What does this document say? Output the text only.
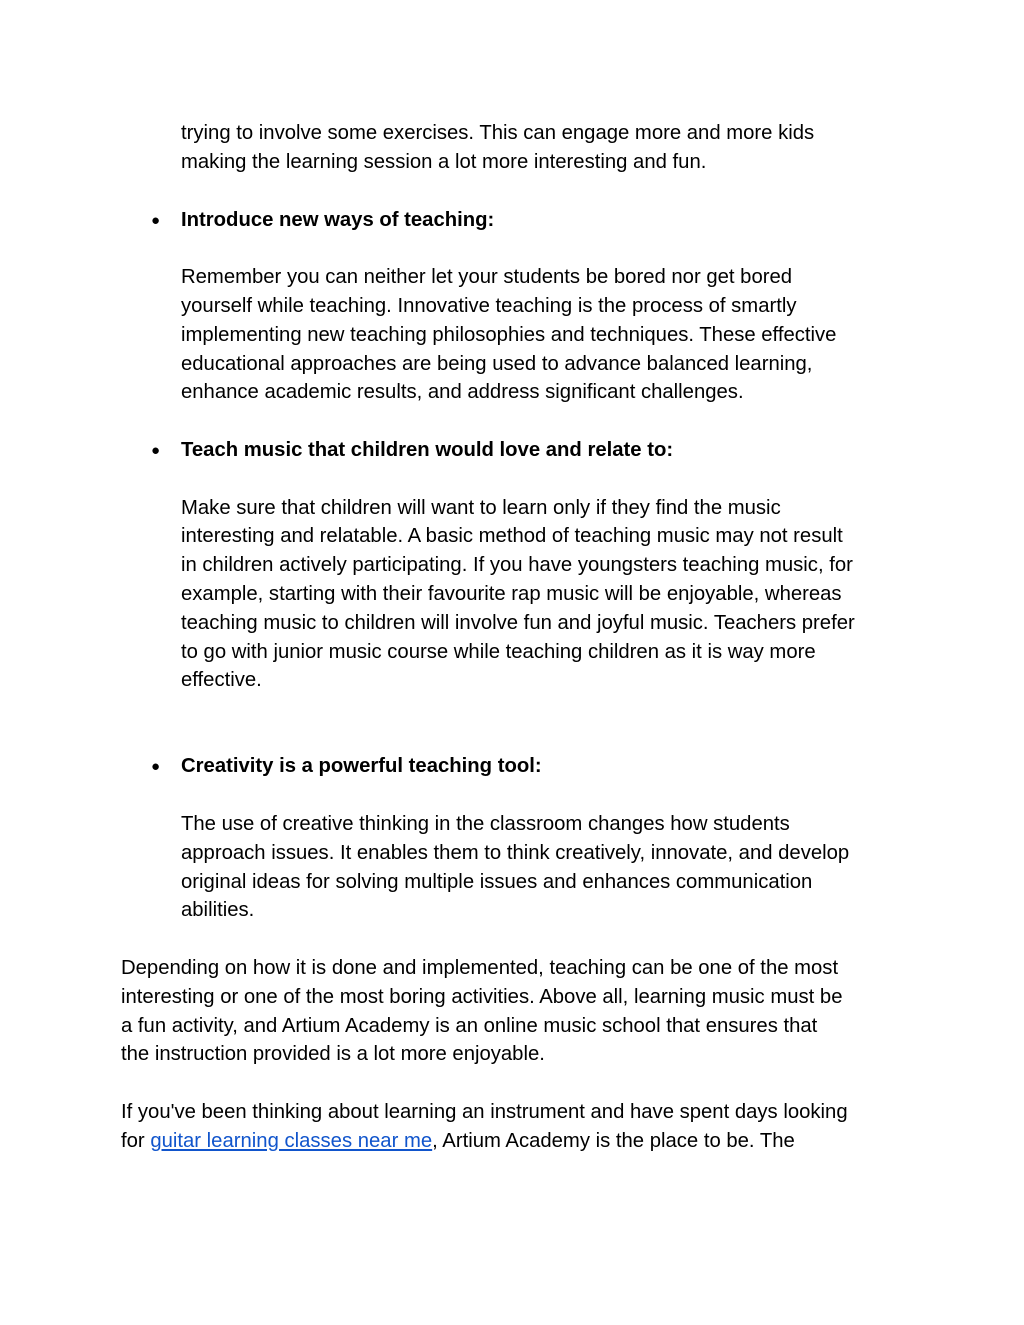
trying to involve some exercises. This can engage more and more kids
making the learning session a lot more interesting and fun.
● Introduce new ways of teaching:
Remember you can neither let your students be bored nor get bored
yourself while teaching. Innovative teaching is the process of smartly
implementing new teaching philosophies and techniques. These effective
educational approaches are being used to advance balanced learning,
enhance academic results, and address significant challenges.
● Teach music that children would love and relate to:
Make sure that children will want to learn only if they find the music
interesting and relatable. A basic method of teaching music may not result
in children actively participating. If you have youngsters teaching music, for
example, starting with their favourite rap music will be enjoyable, whereas
teaching music to children will involve fun and joyful music. Teachers prefer
to go with junior music course while teaching children as it is way more
effective.
● Creativity is a powerful teaching tool:
The use of creative thinking in the classroom changes how students
approach issues. It enables them to think creatively, innovate, and develop
original ideas for solving multiple issues and enhances communication
abilities.
Depending on how it is done and implemented, teaching can be one of the most
interesting or one of the most boring activities. Above all, learning music must be
a fun activity, and Artium Academy is an online music school that ensures that
the instruction provided is a lot more enjoyable.
If you've been thinking about learning an instrument and have spent days looking
for guitar learning classes near me, Artium Academy is the place to be. The
